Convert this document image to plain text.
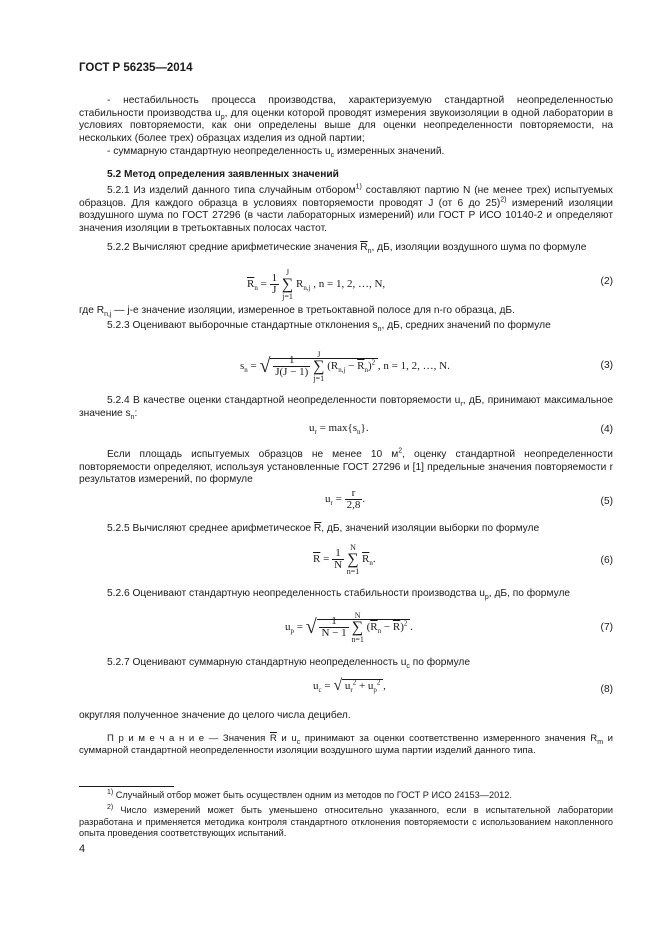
ГОСТ Р 56235—2014
- нестабильность процесса производства, характеризуемую стандартной неопределенностью стабильности производства $u_р$, для оценки которой проводят измерения звукоизоляции в одной лаборатории в условиях повторяемости, как они определены выше для оценки неопределенности повторяемости, на нескольких (более трех) образцах изделия из одной партии;
- суммарную стандартную неопределенность $u_c$ измеренных значений.
5.2 Метод определения заявленных значений
5.2.1 Из изделий данного типа случайным отбором$^{1)}$ составляют партию N (не менее трех) испытуемых образцов. Для каждого образца в условиях повторяемости проводят J (от 6 до 25)$^{2)}$ измерений изоляции воздушного шума по ГОСТ 27296 (в части лабораторных измерений) или ГОСТ Р ИСО 10140-2 и определяют значения изоляции в третьоктавных полосах частот.
5.2.2 Вычисляют средние арифметические значения $\overline{R}_n$, дБ, изоляции воздушного шума по формуле
$\overline{R}_n = \frac{1}{J}$
J
∑
j=1 $R_{n,j}$ , n = 1, 2, …, N,	(2)
где $R_{n,j}$ — j-е значение изоляции, измеренное в третьоктавной полосе для n-го образца, дБ.
5.2.3 Оценивают выборочные стандартные отклонения $s_n$, дБ, средних значений по формуле
$s_n$ = √ $\frac{1}{J(J - 1)}$
J
∑
j=1 $(R_{n,j} - \overline{R}_n)^2$ , n = 1, 2, …, N.	(3)
5.2.4 В качестве оценки стандартной неопределенности повторяемости $u_r$, дБ, принимают максимальное значение $s_n$:
$u_r = \max\{s_n\}$.	(4)
Если площадь испытуемых образцов не менее 10 $м^2$, оценку стандартной неопределенности повторяемости определяют, используя установленные ГОСТ 27296 и [1] предельные значения повторяемости r результатов измерений, по формуле
$u_r = \frac{r}{2,8}$ .	(5)
5.2.5 Вычисляют среднее арифметическое $\overline{R}$, дБ, значений изоляции выборки по формуле
$\overline{R} = \frac{1}{N}$
N
∑
n=1 $\overline{R}_n$.	(6)
5.2.6 Оценивают стандартную неопределенность стабильности производства $u_р$, дБ, по формуле
$u_р$ = √ $\frac{1}{N - 1}$
N
∑
n=1 $(\overline{R}_n - \overline{R})^2$ .	(7)
5.2.7 Оценивают суммарную стандартную неопределенность $u_c$ по формуле
$u_c$ = √ $u_r^2 + u_р^2$ ,	(8)
округляя полученное значение до целого числа децибел.
П р и м е ч а н и е — Значения $\overline{R}$ и $u_c$ принимают за оценки соответственно измеренного значения $R_m$ и суммарной стандартной неопределенности изоляции воздушного шума партии изделий данного типа.
$^{1)}$ Случайный отбор может быть осуществлен одним из методов по ГОСТ Р ИСО 24153—2012.
$^{2)}$ Число измерений может быть уменьшено относительно указанного, если в испытательной лаборатории разработана и применяется методика контроля стандартного отклонения повторяемости с использованием накопленного опыта проведения соответствующих испытаний.
4
